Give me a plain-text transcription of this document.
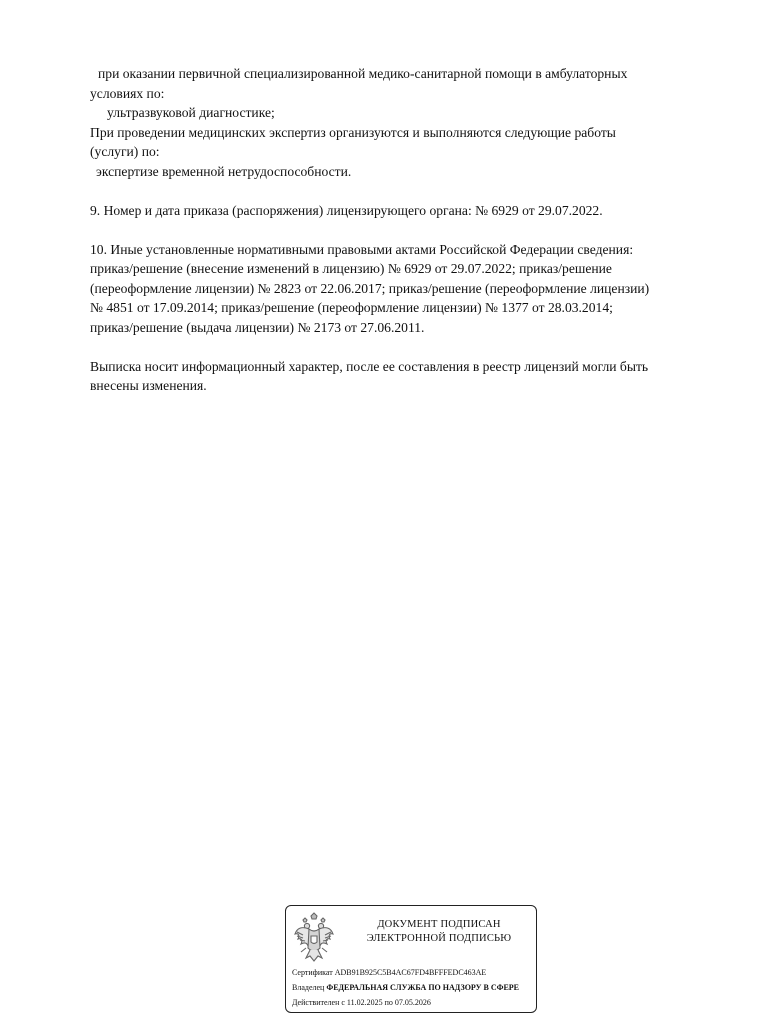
при оказании первичной специализированной медико-санитарной помощи в амбулаторных
условиях по:
ультразвуковой диагностике;
При проведении медицинских экспертиз организуются и выполняются следующие работы
(услуги) по:
экспертизе временной нетрудоспособности.
9. Номер и дата приказа (распоряжения) лицензирующего органа: № 6929 от 29.07.2022.
10. Иные установленные нормативными правовыми актами Российской Федерации сведения:
приказ/решение (внесение изменений в лицензию) № 6929 от 29.07.2022; приказ/решение
(переоформление лицензии) № 2823 от 22.06.2017; приказ/решение (переоформление лицензии)
№ 4851 от 17.09.2014; приказ/решение (переоформление лицензии) № 1377 от 28.03.2014;
приказ/решение (выдача лицензии) № 2173 от 27.06.2011.
Выписка носит информационный характер, после ее составления в реестр лицензий могли быть
внесены изменения.
ДОКУМЕНТ ПОДПИСАН
ЭЛЕКТРОННОЙ ПОДПИСЬЮ
Сертификат ADB91B925C5B4AC67FD4BFFFEDC463AE
Владелец ФЕДЕРАЛЬНАЯ СЛУЖБА ПО НАДЗОРУ В СФЕРЕ
Действителен с 11.02.2025 по 07.05.2026
